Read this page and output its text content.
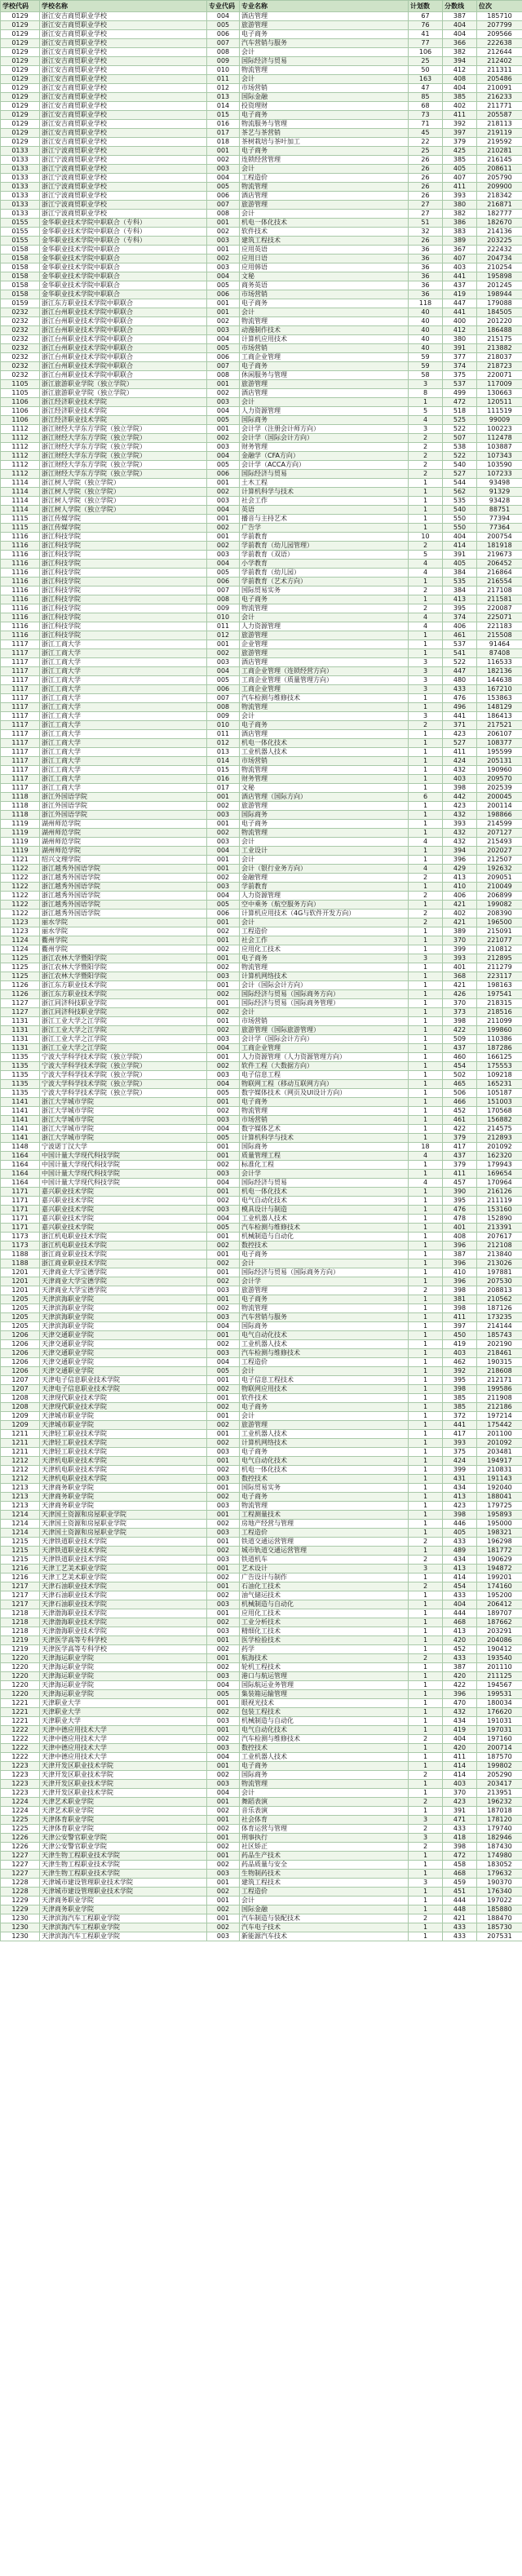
学校代码	学校名称	专业代码	专业名称	计划数	分数线	位次
0129	浙江安吉商贸职业学校	004	酒店管理	67	387	185710
0129	浙江安吉商贸职业学校	005	旅游管理	76	404	207799
0129	浙江安吉商贸职业学校	006	电子商务	41	404	209566
0129	浙江安吉商贸职业学校	007	汽车营销与服务	77	366	222638
0129	浙江安吉商贸职业学校	008	会计	106	382	212644
0129	浙江安吉商贸职业学校	009	国际经济与贸易	25	394	212402
0129	浙江安吉商贸职业学校	010	物流管理	50	412	211311
0129	浙江安吉商贸职业学校	011	会计	163	408	205486
0129	浙江安吉商贸职业学校	012	市场营销	47	404	210091
0129	浙江安吉商贸职业学校	013	国际金融	85	385	216233
0129	浙江安吉商贸职业学校	014	投资理财	68	402	211771
0129	浙江安吉商贸职业学校	015	电子商务	73	411	205587
0129	浙江安吉商贸职业学校	016	物流服务与管理	71	392	218113
0129	浙江安吉商贸职业学校	017	茶艺与茶营销	45	397	219119
0129	浙江安吉商贸职业学校	018	茶树栽培与茶叶加工	22	379	219592
0133	浙江宁波商贸职业学校	001	电子商务	25	425	210281
0133	浙江宁波商贸职业学校	002	连锁经营管理	26	385	216145
0133	浙江宁波商贸职业学校	003	会计	26	405	208611
0133	浙江宁波商贸职业学校	004	工程造价	26	407	205790
0133	浙江宁波商贸职业学校	005	物流管理	26	411	209900
0133	浙江宁波商贸职业学校	006	酒店管理	26	393	218342
0133	浙江宁波商贸职业学校	007	旅游管理	27	380	216871
0133	浙江宁波商贸职业学校	008	会计	27	382	182777
0155	金华职业技术学院中职联合（专科）	001	机电一体化技术	51	386	182670
0155	金华职业技术学院中职联合（专科）	002	软件技术	32	383	214136
0155	金华职业技术学院中职联合（专科）	003	建筑工程技术	26	389	203225
0158	金华职业技术学院中职联合	001	应用英语	36	367	222432
0158	金华职业技术学院中职联合	002	应用日语	36	407	204734
0158	金华职业技术学院中职联合	003	应用韩语	36	403	210254
0158	金华职业技术学院中职联合	004	文秘	36	441	195898
0158	金华职业技术学院中职联合	005	商务英语	36	437	201245
0158	金华职业技术学院中职联合	006	市场营销	36	419	198944
0159	浙江东方职业技术学院中职联合	001	电子商务	118	447	179088
0232	浙江台州职业技术学院中职联合	001	会计	40	441	184505
0232	浙江台州职业技术学院中职联合	002	物流管理	40	400	201220
0232	浙江台州职业技术学院中职联合	003	动漫制作技术	40	412	186488
0232	浙江台州职业技术学院中职联合	004	计算机应用技术	40	380	215175
0232	浙江台州职业技术学院中职联合	005	市场营销	40	391	213882
0232	浙江台州职业技术学院中职联合	006	工商企业管理	59	377	218037
0232	浙江台州职业技术学院中职联合	007	电子商务	59	374	218723
0232	浙江台州职业技术学院中职联合	008	休闲服务与管理	58	375	220071
1105	浙江旅游职业学院（独立学院）	001	旅游管理	3	537	117009
1105	浙江旅游职业学院（独立学院）	002	酒店管理	8	499	130663
1106	浙江经济职业技术学院	003	会计	1	472	120511
1106	浙江经济职业技术学院	004	人力资源管理	5	518	111519
1106	浙江经济职业技术学院	005	国际商务	4	525	99009
1112	浙江财经大学东方学院（独立学院）	001	会计学（注册会计师方向）	3	522	100223
1112	浙江财经大学东方学院（独立学院）	002	会计学（国际会计方向）	2	507	112478
1112	浙江财经大学东方学院（独立学院）	003	财务管理	2	538	103887
1112	浙江财经大学东方学院（独立学院）	004	金融学（CFA方向）	2	522	107343
1112	浙江财经大学东方学院（独立学院）	005	会计学（ACCA方向）	2	540	103590
1112	浙江财经大学东方学院（独立学院）	006	国际经济与贸易	2	527	107233
1114	浙江树人学院（独立学院）	001	土木工程	1	544	93498
1114	浙江树人学院（独立学院）	002	计算机科学与技术	1	562	91329
1114	浙江树人学院（独立学院）	003	社会工作	1	535	93428
1114	浙江树人学院（独立学院）	004	英语	1	540	88751
1115	浙江传媒学院	001	播音与主持艺术	1	550	77394
1115	浙江传媒学院	002	广告学	1	550	77364
1116	浙江科技学院	001	学前教育	10	404	200754
1116	浙江科技学院	002	学前教育（幼儿园管理）	2	414	181918
1116	浙江科技学院	003	学前教育（双语）	5	391	219673
1116	浙江科技学院	004	小学教育	4	405	206452
1116	浙江科技学院	005	学前教育（幼儿园）	4	384	216864
1116	浙江科技学院	006	学前教育（艺术方向）	1	535	216554
1116	浙江科技学院	007	国际贸易实务	2	384	217108
1116	浙江科技学院	008	电子商务	1	413	211581
1116	浙江科技学院	009	物流管理	2	395	220087
1116	浙江科技学院	010	会计	4	374	225071
1116	浙江科技学院	011	人力资源管理	4	406	221183
1116	浙江科技学院	012	旅游管理	1	461	215508
1117	浙江工商大学	001	企业管理	1	537	91464
1117	浙江工商大学	002	旅游管理	1	541	87408
1117	浙江工商大学	003	酒店管理	3	522	116533
1117	浙江工商大学	004	工商企业管理（连锁经营方向）	3	447	182136
1117	浙江工商大学	005	工商企业管理（质量管理方向）	3	480	144638
1117	浙江工商大学	006	工商企业管理	3	433	167210
1117	浙江工商大学	007	汽车检测与维修技术	1	476	153863
1117	浙江工商大学	008	物流管理	1	496	148129
1117	浙江工商大学	009	会计	3	441	186413
1117	浙江工商大学	010	电子商务	2	371	217521
1117	浙江工商大学	011	酒店管理	1	423	206107
1117	浙江工商大学	012	机电一体化技术	1	527	108377
1117	浙江工商大学	013	工业机器人技术	1	411	195599
1117	浙江工商大学	014	市场营销	1	424	205131
1117	浙江工商大学	015	物流管理	1	432	190960
1117	浙江工商大学	016	财务管理	1	403	209570
1117	浙江工商大学	017	文秘	1	398	202539
1118	浙江外国语学院	001	酒店管理（国际方向）	6	442	200045
1118	浙江外国语学院	002	旅游管理	1	423	200114
1118	浙江外国语学院	003	国际商务	1	432	198866
1119	湖州师范学院	001	电子商务	1	393	214599
1119	湖州师范学院	002	物流管理	1	432	207127
1119	湖州师范学院	003	会计	4	432	215493
1119	湖州师范学院	004	工业设计	1	394	202027
1121	绍兴文理学院	001	会计	1	396	212507
1122	浙江越秀外国语学院	001	会计（银行业务方向）	4	429	192632
1122	浙江越秀外国语学院	002	金融管理	2	413	209051
1122	浙江越秀外国语学院	003	学前教育	1	410	210049
1122	浙江越秀外国语学院	004	人力资源管理	2	406	206899
1122	浙江越秀外国语学院	005	空中乘务（航空服务方向）	1	421	199082
1122	浙江越秀外国语学院	006	计算机应用技术（4G与软件开发方向）	2	402	208390
1123	丽水学院	001	会计	2	421	196500
1123	丽水学院	002	工程造价	1	389	215091
1124	衢州学院	001	社会工作	1	370	221077
1124	衢州学院	002	应用化工技术	1	399	210812
1125	浙江农林大学暨阳学院	001	电子商务	3	393	212895
1125	浙江农林大学暨阳学院	002	物流管理	1	401	211279
1125	浙江农林大学暨阳学院	003	计算机网络技术	1	368	223117
1126	浙江东方职业技术学院	001	会计（国际会计方向）	1	421	198163
1126	浙江东方职业技术学院	002	国际经济与贸易（国际商务方向）	1	426	197541
1127	浙江同济科技职业学院	001	国际经济与贸易（国际商务管理）	1	370	218315
1127	浙江同济科技职业学院	002	会计	1	373	218516
1131	浙江工业大学之江学院	001	市场营销	1	398	211099
1131	浙江工业大学之江学院	002	旅游管理（国际旅游管理）	1	422	199860
1131	浙江工业大学之江学院	003	会计学（国际会计方向）	1	509	110386
1131	浙江工业大学之江学院	004	工商企业管理	1	437	187286
1135	宁波大学科学技术学院（独立学院）	001	人力资源管理（人力资源管理方向）	1	460	166125
1135	宁波大学科学技术学院（独立学院）	002	软件工程（大数据方向）	1	454	175553
1135	宁波大学科学技术学院（独立学院）	003	电子信息工程	1	502	109218
1135	宁波大学科学技术学院（独立学院）	004	物联网工程（移动互联网方向）	1	465	165231
1135	宁波大学科学技术学院（独立学院）	005	数字媒体技术（网页及UI设计方向）	1	506	105187
1141	浙江大学城市学院	001	电子商务	1	466	151003
1141	浙江大学城市学院	002	物流管理	1	452	170568
1141	浙江大学城市学院	003	市场营销	1	461	156882
1141	浙江大学城市学院	004	数字媒体艺术	1	422	214575
1141	浙江大学城市学院	005	计算机科学与技术	1	379	212893
1148	宁波诺丁汉大学	001	国际商务	18	417	201092
1164	中国计量大学现代科技学院	001	质量管理工程	4	437	162320
1164	中国计量大学现代科技学院	002	标准化工程	1	379	179943
1164	中国计量大学现代科技学院	003	会计学	1	411	169654
1164	中国计量大学现代科技学院	004	国际经济与贸易	4	457	170964
1171	嘉兴职业技术学院	001	机电一体化技术	1	390	216126
1171	嘉兴职业技术学院	002	电气自动化技术	1	395	211119
1171	嘉兴职业技术学院	003	模具设计与制造	1	476	153160
1171	嘉兴职业技术学院	004	工业机器人技术	1	478	152890
1171	嘉兴职业技术学院	005	汽车检测与维修技术	1	401	213391
1173	浙江机电职业技术学院	001	机械制造与自动化	1	408	207617
1173	浙江机电职业技术学院	002	数控技术	1	396	212108
1188	浙江商业职业技术学院	001	电子商务	1	387	213840
1188	浙江商业职业技术学院	002	会计	1	396	213026
1201	天津商业大学宝德学院	001	国际经济与贸易（国际商务方向）	1	410	197881
1201	天津商业大学宝德学院	002	会计学	1	396	207530
1201	天津商业大学宝德学院	003	旅游管理	2	398	208813
1205	天津滨海职业学院	001	电子商务	1	381	210562
1205	天津滨海职业学院	002	物流管理	1	398	187126
1205	天津滨海职业学院	003	汽车营销与服务	1	411	173235
1205	天津滨海职业学院	004	国际商务	1	397	214144
1206	天津交通职业学院	001	电气自动化技术	1	450	185743
1206	天津交通职业学院	002	工业机器人技术	1	419	202190
1206	天津交通职业学院	003	汽车检测与维修技术	1	403	218461
1206	天津交通职业学院	004	工程造价	1	462	190315
1206	天津交通职业学院	005	会计	1	392	218608
1207	天津电子信息职业技术学院	001	电子信息工程技术	1	395	212171
1207	天津电子信息职业技术学院	002	物联网应用技术	1	398	199586
1208	天津现代职业技术学院	001	软件技术	1	385	211908
1208	天津现代职业技术学院	002	电子商务	1	385	212186
1209	天津城市职业学院	001	会计	1	372	197214
1209	天津城市职业学院	002	旅游管理	1	441	175442
1211	天津轻工职业技术学院	001	工业机器人技术	1	417	201100
1211	天津轻工职业技术学院	002	计算机网络技术	1	393	201092
1211	天津轻工职业技术学院	003	电子商务	1	375	203481
1212	天津机电职业技术学院	001	电气自动化技术	1	424	194917
1212	天津机电职业技术学院	002	机电一体化技术	1	399	210831
1212	天津机电职业技术学院	003	数控技术	1	431	191143
1213	天津商务职业学院	001	国际贸易实务	1	434	192040
1213	天津商务职业学院	002	电子商务	1	413	188041
1213	天津商务职业学院	003	物流管理	1	423	179725
1214	天津国土资源和房屋职业学院	001	工程测量技术	1	398	195893
1214	天津国土资源和房屋职业学院	002	房地产经营与管理	1	446	195000
1214	天津国土资源和房屋职业学院	003	工程造价	1	405	198321
1215	天津铁道职业技术学院	001	铁道交通运营管理	2	433	196298
1215	天津铁道职业技术学院	002	城市轨道交通运营管理	1	489	181772
1215	天津铁道职业技术学院	003	铁道机车	2	434	190629
1216	天津工艺美术职业学院	001	艺术设计	3	413	194872
1216	天津工艺美术职业学院	002	广告设计与制作	1	414	199201
1217	天津石油职业技术学院	001	石油化工技术	2	454	174160
1217	天津石油职业技术学院	002	油气储运技术	1	433	195200
1217	天津石油职业技术学院	003	机械制造与自动化	1	404	206412
1218	天津渤海职业技术学院	001	应用化工技术	1	444	189707
1218	天津渤海职业技术学院	002	工业分析技术	1	468	187662
1218	天津渤海职业技术学院	003	精细化工技术	1	413	203291
1219	天津医学高等专科学校	001	医学检验技术	1	420	204086
1219	天津医学高等专科学校	002	药学	1	452	190412
1220	天津海运职业学院	001	航海技术	2	433	193540
1220	天津海运职业学院	002	轮机工程技术	1	387	201110
1220	天津海运职业学院	003	港口与航运管理	1	420	211125
1220	天津海运职业学院	004	国际航运业务管理	1	422	194567
1220	天津海运职业学院	005	集装箱运输管理	1	396	199531
1221	天津职业大学	001	眼视光技术	1	470	180034
1221	天津职业大学	002	包装工程技术	1	432	176620
1221	天津职业大学	003	机械制造与自动化	1	434	191031
1222	天津中德应用技术大学	001	电气自动化技术	1	419	197031
1222	天津中德应用技术大学	002	汽车检测与维修技术	2	404	197160
1222	天津中德应用技术大学	003	数控技术	1	420	200714
1222	天津中德应用技术大学	004	工业机器人技术	1	411	187570
1223	天津开发区职业技术学院	001	电子商务	1	414	199802
1223	天津开发区职业技术学院	002	国际商务	2	414	205290
1223	天津开发区职业技术学院	003	物流管理	1	403	203417
1223	天津开发区职业技术学院	004	会计	1	370	213951
1224	天津艺术职业学院	001	舞蹈表演	2	423	196232
1224	天津艺术职业学院	002	音乐表演	1	391	187018
1225	天津体育职业学院	001	社会体育	3	471	178120
1225	天津体育职业学院	002	体育运营与管理	2	433	179740
1226	天津公安警官职业学院	001	刑事执行	3	418	182946
1226	天津公安警官职业学院	002	社区矫正	2	398	187430
1227	天津生物工程职业技术学院	001	药品生产技术	1	472	174980
1227	天津生物工程职业技术学院	002	药品质量与安全	1	458	183052
1227	天津生物工程职业技术学院	003	生物制药技术	1	468	179632
1228	天津城市建设管理职业技术学院	001	建筑工程技术	3	459	190370
1228	天津城市建设管理职业技术学院	002	工程造价	1	451	176340
1229	天津商务职业学院	001	会计	1	444	197022
1229	天津商务职业学院	002	国际金融	1	448	185880
1230	天津滨海汽车工程职业学院	001	汽车制造与装配技术	2	421	188470
1230	天津滨海汽车工程职业学院	002	汽车电子技术	1	433	185730
1230	天津滨海汽车工程职业学院	003	新能源汽车技术	1	433	207531
